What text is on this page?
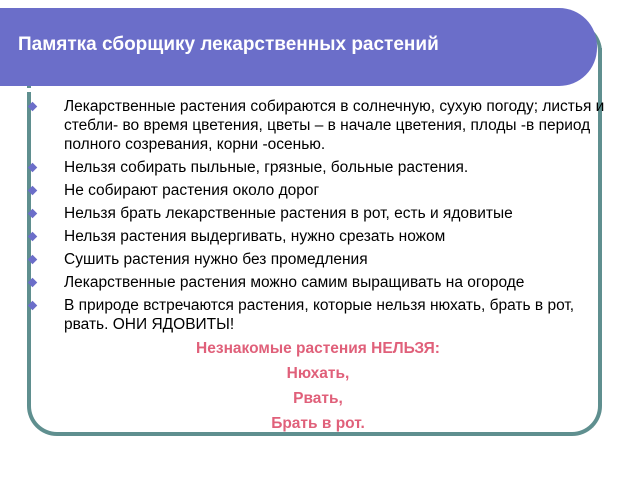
Памятка сборщику лекарственных растений
Лекарственные растения собираются в солнечную, сухую погоду; листья и стебли- во время цветения, цветы – в начале цветения, плоды -в период полного созревания, корни -осенью.
Нельзя собирать пыльные, грязные, больные растения.
Не собирают растения около дорог
Нельзя брать лекарственные растения в рот, есть и ядовитые
Нельзя растения выдергивать, нужно срезать ножом
Сушить растения нужно без промедления
Лекарственные растения можно самим выращивать на огороде
В природе встречаются растения, которые нельзя нюхать, брать в рот, рвать. ОНИ ЯДОВИТЫ!
Незнакомые растения НЕЛЬЗЯ:
Нюхать,
Рвать,
Брать в рот.
